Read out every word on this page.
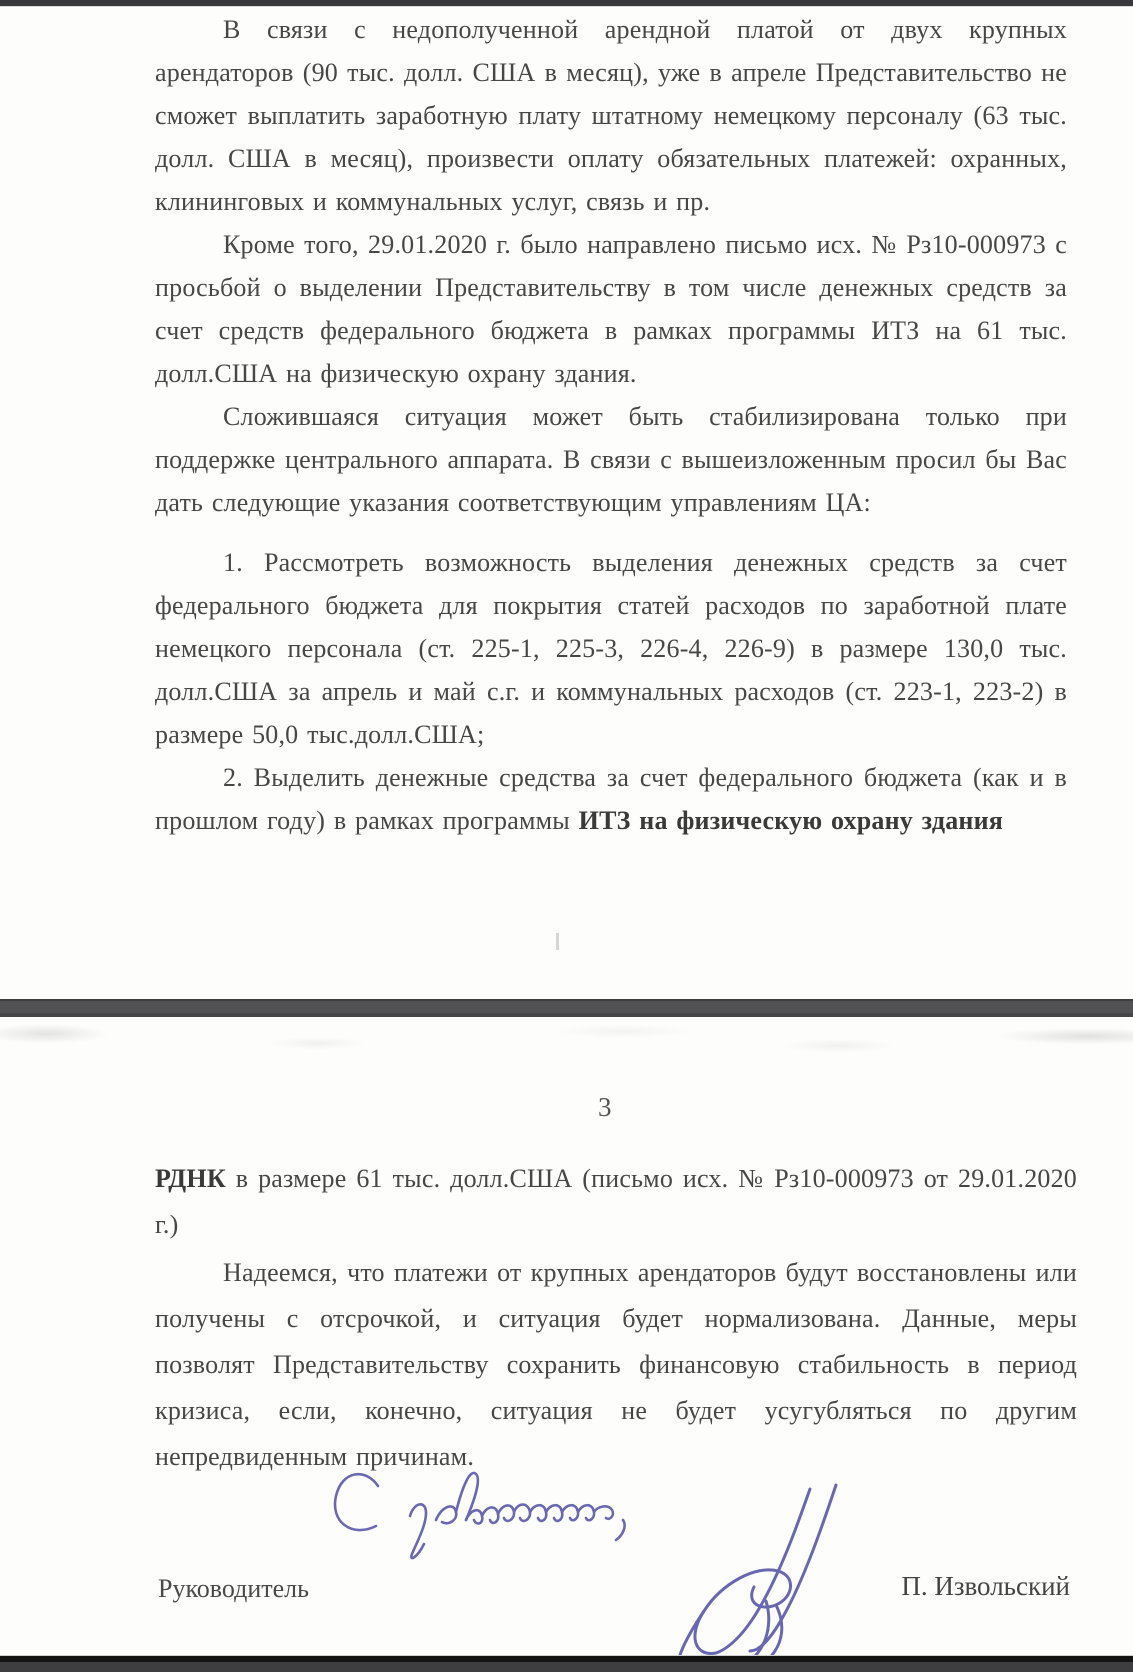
В связи с недополученной арендной платой от двух крупных арендаторов (90 тыс. долл. США в месяц), уже в апреле Представительство не сможет выплатить заработную плату штатному немецкому персоналу (63 тыс. долл. США в месяц), произвести оплату обязательных платежей: охранных, клининговых и коммунальных услуг, связь и пр.

Кроме того, 29.01.2020 г. было направлено письмо исх. № Рз10-000973 с просьбой о выделении Представительству в том числе денежных средств за счет средств федерального бюджета в рамках программы ИТЗ на 61 тыс. долл.США на физическую охрану здания.

Сложившаяся ситуация может быть стабилизирована только при поддержке центрального аппарата. В связи с вышеизложенным просил бы Вас дать следующие указания соответствующим управлениям ЦА:

1. Рассмотреть возможность выделения денежных средств за счет федерального бюджета для покрытия статей расходов по заработной плате немецкого персонала (ст. 225-1, 225-3, 226-4, 226-9) в размере 130,0 тыс. долл.США за апрель и май с.г. и коммунальных расходов (ст. 223-1, 223-2) в размере 50,0 тыс.долл.США;

2. Выделить денежные средства за счет федерального бюджета (как и в прошлом году) в рамках программы ИТЗ на физическую охрану здания

3

РДНК в размере 61 тыс. долл.США (письмо исх. № Рз10-000973 от 29.01.2020 г.)

Надеемся, что платежи от крупных арендаторов будут восстановлены или получены с отсрочкой, и ситуация будет нормализована. Данные, меры позволят Представительству сохранить финансовую стабильность в период кризиса, если, конечно, ситуация не будет усугубляться по другим непредвиденным причинам.

Руководитель	П. Извольский
